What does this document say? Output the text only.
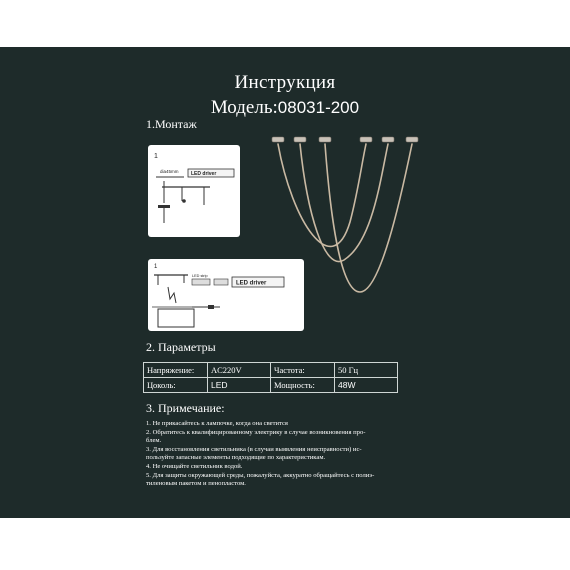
Инструкция
Модель:08031-200
1.Монтаж
1
dia45mm LED driver
1
LED strip
LED driver
2. Параметры
Напряжение:	AC220V	Частота:	50 Гц
Цоколь:	LED	Мощность:	48W
3. Примечание:
1. Не прикасайтесь к лампочке, когда она светится
2. Обратитесь к квалифицированному электрику в случае возникновения про-
блем.
3. Для восстановления светильника (в случаи выявления неисправности) ис-
пользуйте запасные элементы подходящие по характеристикам.
4. Не очищайте светильник водой.
5. Для защиты окружающей среды, пожалуйста, аккуратно обращайтесь с полиэ-
тиленовым пакетом и пенопластом.
